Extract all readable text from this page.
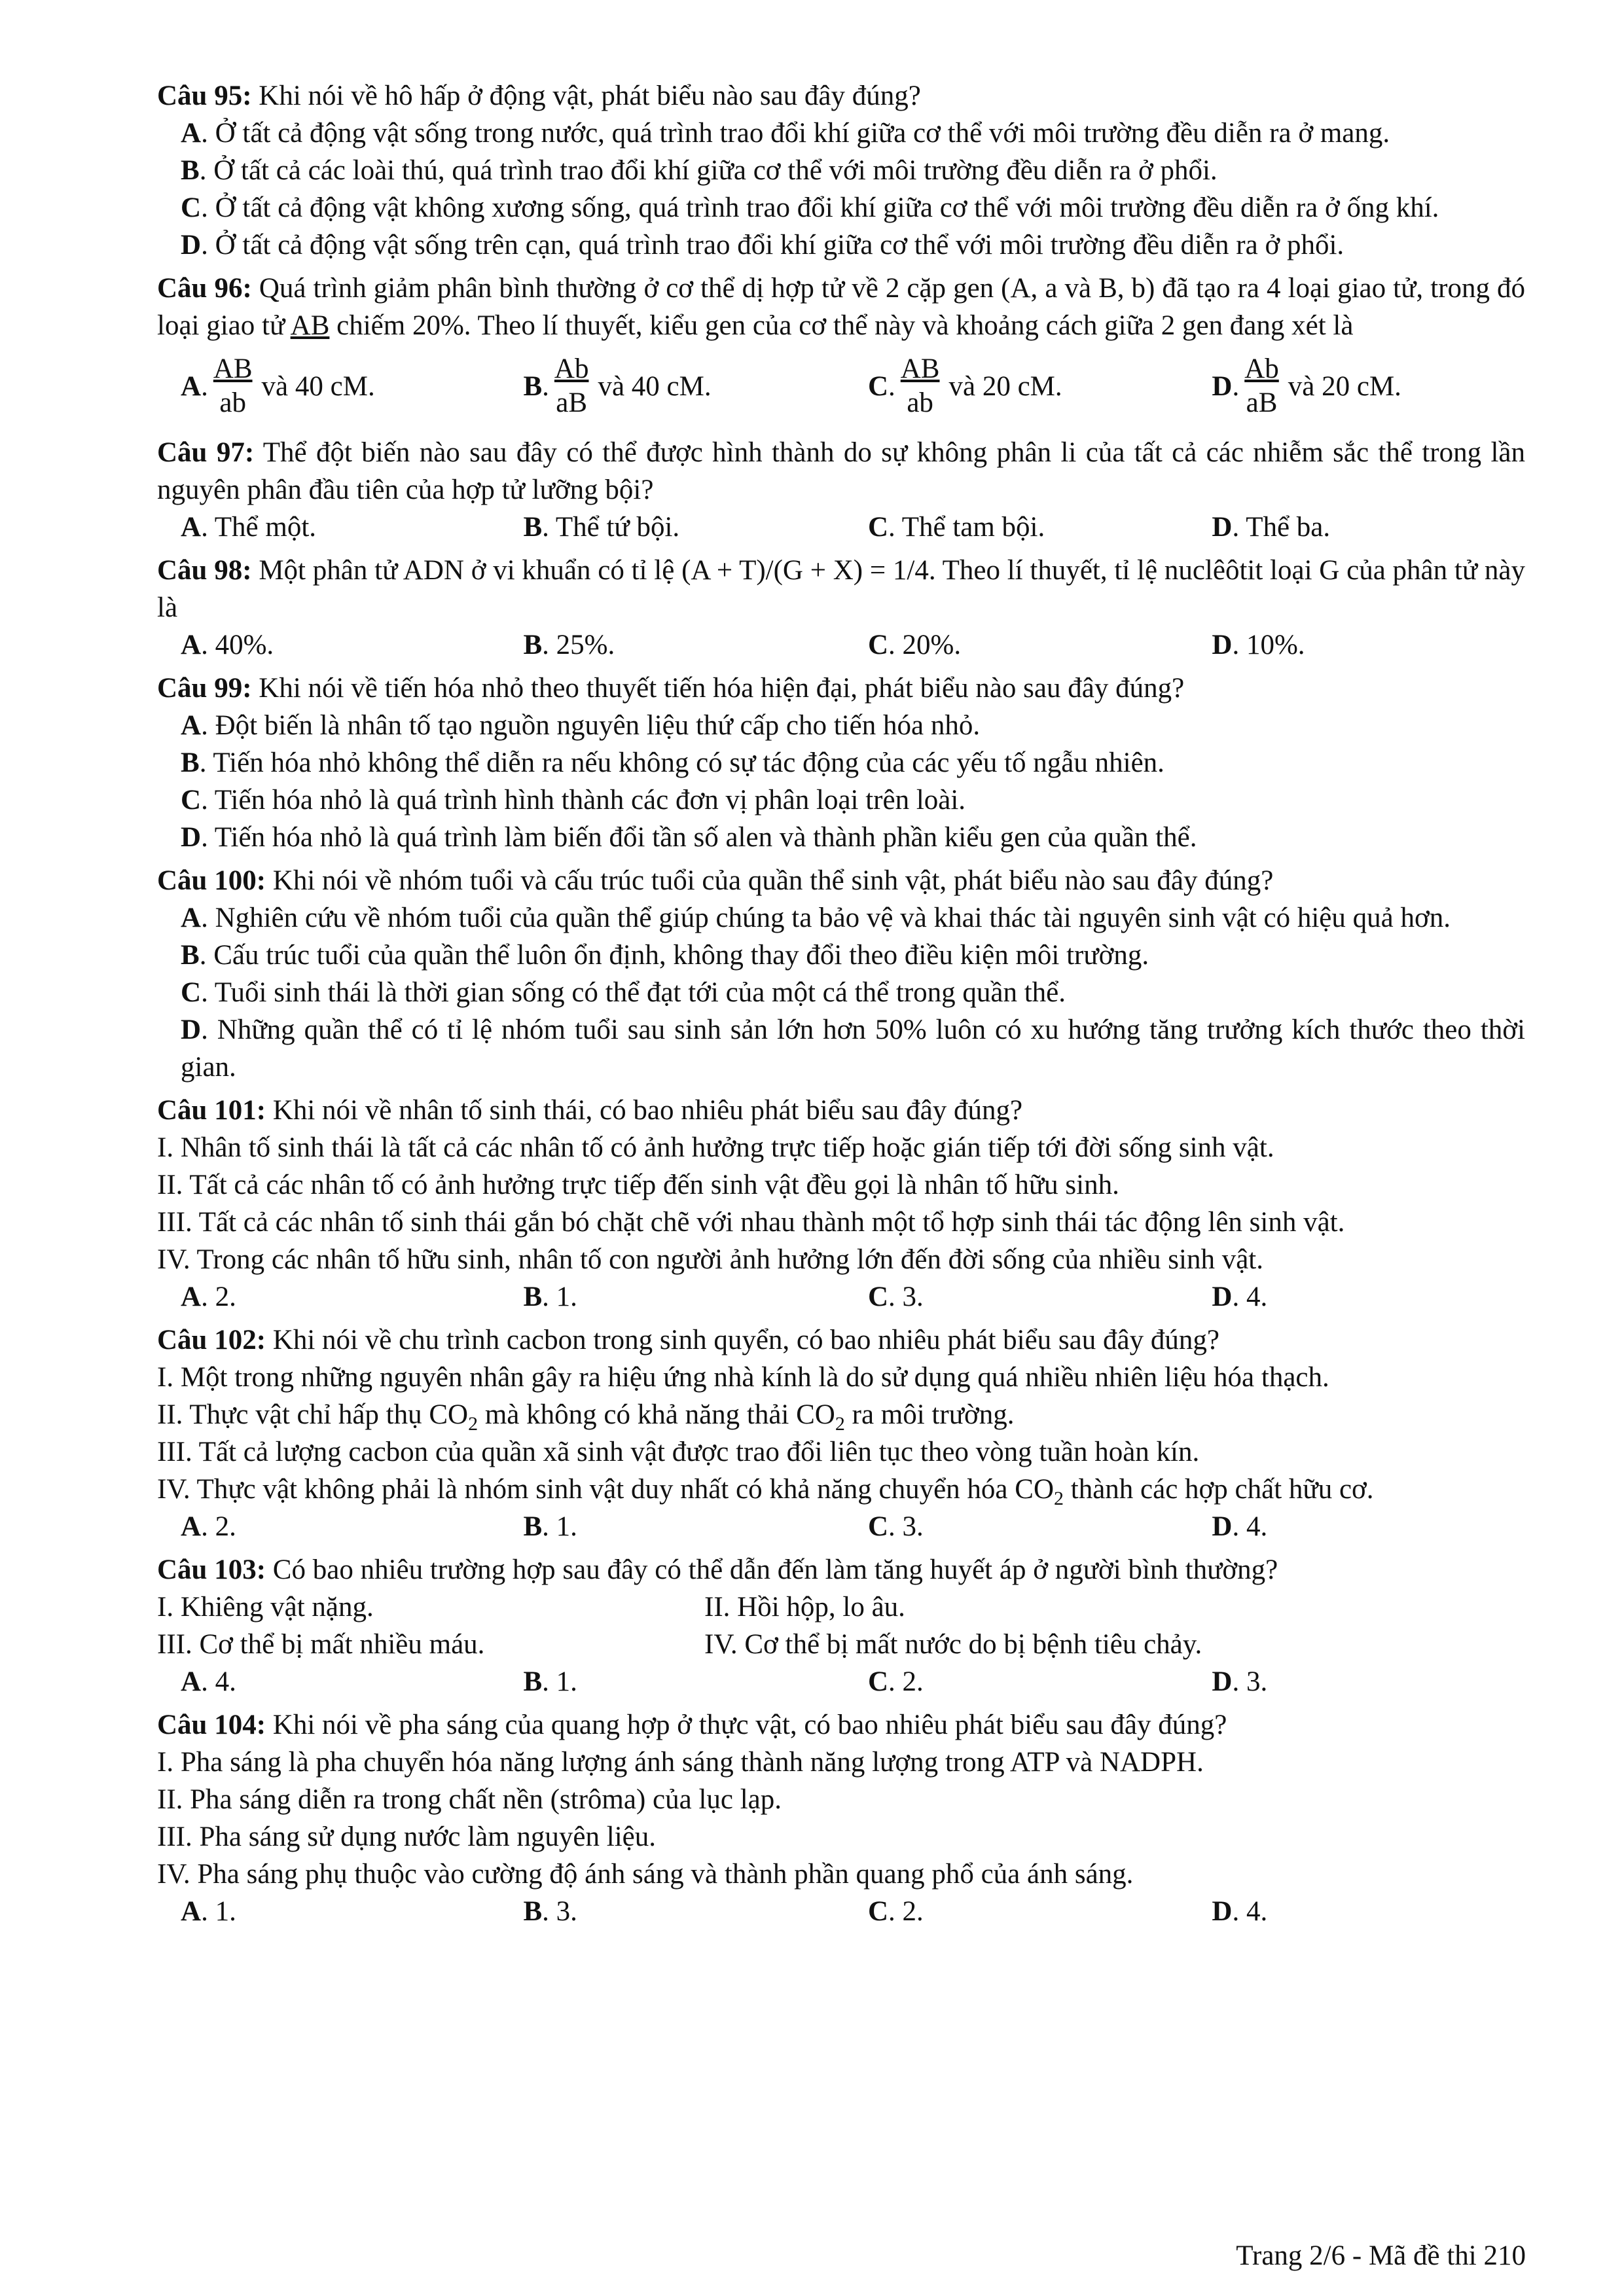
Câu 95: Khi nói về hô hấp ở động vật, phát biểu nào sau đây đúng?
A. Ở tất cả động vật sống trong nước, quá trình trao đổi khí giữa cơ thể với môi trường đều diễn ra ở mang.
B. Ở tất cả các loài thú, quá trình trao đổi khí giữa cơ thể với môi trường đều diễn ra ở phổi.
C. Ở tất cả động vật không xương sống, quá trình trao đổi khí giữa cơ thể với môi trường đều diễn ra ở ống khí.
D. Ở tất cả động vật sống trên cạn, quá trình trao đổi khí giữa cơ thể với môi trường đều diễn ra ở phổi.
Câu 96: Quá trình giảm phân bình thường ở cơ thể dị hợp tử về 2 cặp gen (A, a và B, b) đã tạo ra 4 loại giao tử, trong đó loại giao tử AB chiếm 20%. Theo lí thuyết, kiểu gen của cơ thể này và khoảng cách giữa 2 gen đang xét là
A . $\frac{AB}{ab}$ và 40 cM.	B . $\frac{Ab}{aB}$ và 40 cM.	C . $\frac{AB}{ab}$ và 20 cM.	D . $\frac{Ab}{aB}$ và 20 cM.
Câu 97: Thể đột biến nào sau đây có thể được hình thành do sự không phân li của tất cả các nhiễm sắc thể trong lần nguyên phân đầu tiên của hợp tử lưỡng bội?
A. Thể một.	B. Thể tứ bội.	C. Thể tam bội.	D. Thể ba.
Câu 98: Một phân tử ADN ở vi khuẩn có tỉ lệ (A + T)/(G + X) = 1/4. Theo lí thuyết, tỉ lệ nuclêôtit loại G của phân tử này là
A. 40%.	B. 25%.	C. 20%.	D. 10%.
Câu 99: Khi nói về tiến hóa nhỏ theo thuyết tiến hóa hiện đại, phát biểu nào sau đây đúng?
A. Đột biến là nhân tố tạo nguồn nguyên liệu thứ cấp cho tiến hóa nhỏ.
B. Tiến hóa nhỏ không thể diễn ra nếu không có sự tác động của các yếu tố ngẫu nhiên.
C. Tiến hóa nhỏ là quá trình hình thành các đơn vị phân loại trên loài.
D. Tiến hóa nhỏ là quá trình làm biến đổi tần số alen và thành phần kiểu gen của quần thể.
Câu 100: Khi nói về nhóm tuổi và cấu trúc tuổi của quần thể sinh vật, phát biểu nào sau đây đúng?
A. Nghiên cứu về nhóm tuổi của quần thể giúp chúng ta bảo vệ và khai thác tài nguyên sinh vật có hiệu quả hơn.
B. Cấu trúc tuổi của quần thể luôn ổn định, không thay đổi theo điều kiện môi trường.
C. Tuổi sinh thái là thời gian sống có thể đạt tới của một cá thể trong quần thể.
D. Những quần thể có tỉ lệ nhóm tuổi sau sinh sản lớn hơn 50% luôn có xu hướng tăng trưởng kích thước theo thời gian.
Câu 101: Khi nói về nhân tố sinh thái, có bao nhiêu phát biểu sau đây đúng?
I. Nhân tố sinh thái là tất cả các nhân tố có ảnh hưởng trực tiếp hoặc gián tiếp tới đời sống sinh vật.
II. Tất cả các nhân tố có ảnh hưởng trực tiếp đến sinh vật đều gọi là nhân tố hữu sinh.
III. Tất cả các nhân tố sinh thái gắn bó chặt chẽ với nhau thành một tổ hợp sinh thái tác động lên sinh vật.
IV. Trong các nhân tố hữu sinh, nhân tố con người ảnh hưởng lớn đến đời sống của nhiều sinh vật.
A. 2.	B. 1.	C. 3.	D. 4.
Câu 102: Khi nói về chu trình cacbon trong sinh quyển, có bao nhiêu phát biểu sau đây đúng?
I. Một trong những nguyên nhân gây ra hiệu ứng nhà kính là do sử dụng quá nhiều nhiên liệu hóa thạch.
II. Thực vật chỉ hấp thụ $CO_2$ mà không có khả năng thải $CO_2$ ra môi trường.
III. Tất cả lượng cacbon của quần xã sinh vật được trao đổi liên tục theo vòng tuần hoàn kín.
IV. Thực vật không phải là nhóm sinh vật duy nhất có khả năng chuyển hóa $CO_2$ thành các hợp chất hữu cơ.
A. 2.	B. 1.	C. 3.	D. 4.
Câu 103: Có bao nhiêu trường hợp sau đây có thể dẫn đến làm tăng huyết áp ở người bình thường?
I. Khiêng vật nặng.	II. Hồi hộp, lo âu.
III. Cơ thể bị mất nhiều máu.	IV. Cơ thể bị mất nước do bị bệnh tiêu chảy.
A. 4.	B. 1.	C. 2.	D. 3.
Câu 104: Khi nói về pha sáng của quang hợp ở thực vật, có bao nhiêu phát biểu sau đây đúng?
I. Pha sáng là pha chuyển hóa năng lượng ánh sáng thành năng lượng trong ATP và NADPH.
II. Pha sáng diễn ra trong chất nền (strôma) của lục lạp.
III. Pha sáng sử dụng nước làm nguyên liệu.
IV. Pha sáng phụ thuộc vào cường độ ánh sáng và thành phần quang phổ của ánh sáng.
A. 1.	B. 3.	C. 2.	D. 4.
Trang 2/6 - Mã đề thi 210
